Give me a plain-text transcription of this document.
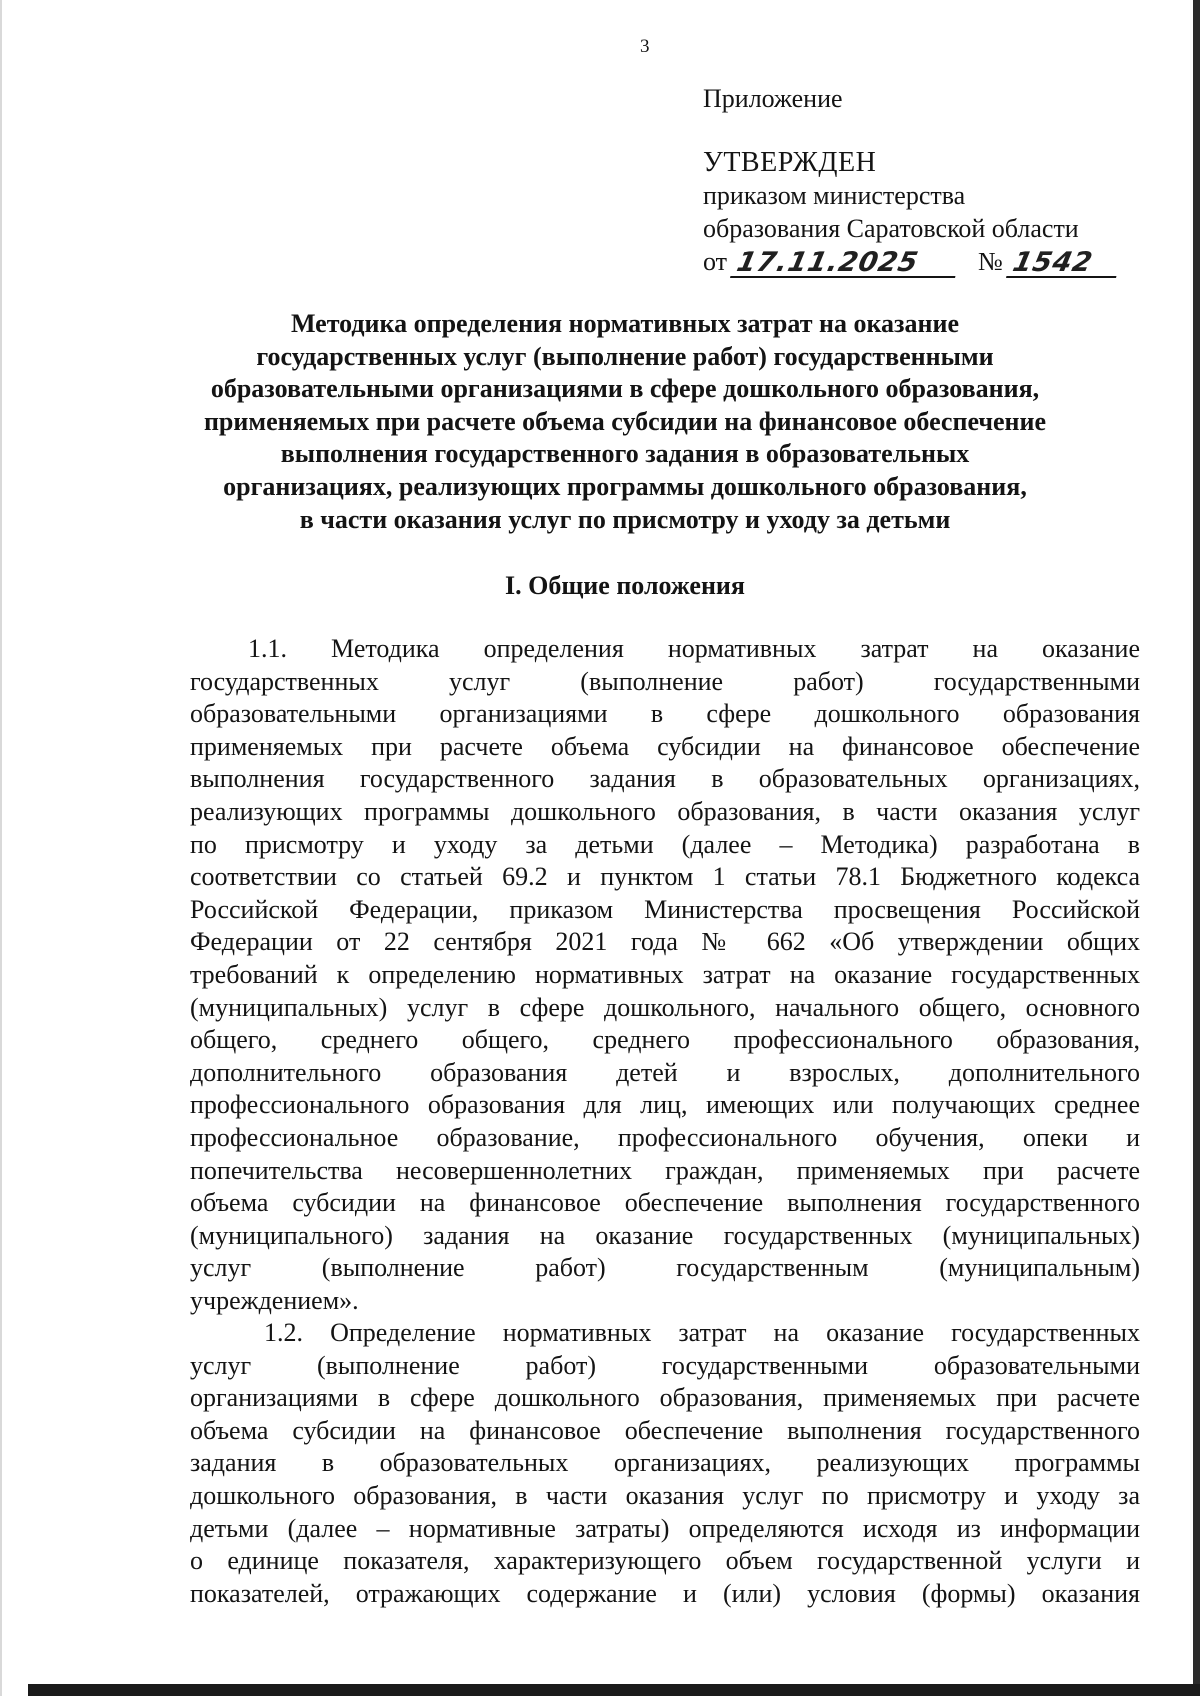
3
Приложение
УТВЕРЖДЕН
приказом министерства
образования Саратовской области
от 17.11.2025	№ 1542
Методика определения нормативных затрат на оказание
государственных услуг (выполнение работ) государственными
образовательными организациями в сфере дошкольного образования,
применяемых при расчете объема субсидии на финансовое обеспечение
выполнения государственного задания в образовательных
организациях, реализующих программы дошкольного образования,
в части оказания услуг по присмотру и уходу за детьми
I. Общие положения
1.1. Методика определения нормативных затрат на оказание
государственных услуг (выполнение работ) государственными
образовательными организациями в сфере дошкольного образования
применяемых при расчете объема субсидии на финансовое обеспечение
выполнения государственного задания в образовательных организациях,
реализующих программы дошкольного образования, в части оказания услуг
по присмотру и уходу за детьми (далее – Методика) разработана в
соответствии со статьей 69.2 и пунктом 1 статьи 78.1 Бюджетного кодекса
Российской Федерации, приказом Министерства просвещения Российской
Федерации от 22 сентября 2021 года № 662 «Об утверждении общих
требований к определению нормативных затрат на оказание государственных
(муниципальных) услуг в сфере дошкольного, начального общего, основного
общего, среднего общего, среднего профессионального образования,
дополнительного образования детей и взрослых, дополнительного
профессионального образования для лиц, имеющих или получающих среднее
профессиональное образование, профессионального обучения, опеки и
попечительства несовершеннолетних граждан, применяемых при расчете
объема субсидии на финансовое обеспечение выполнения государственного
(муниципального) задания на оказание государственных (муниципальных)
услуг (выполнение работ) государственным (муниципальным)
учреждением».
1.2. Определение нормативных затрат на оказание государственных
услуг (выполнение работ) государственными образовательными
организациями в сфере дошкольного образования, применяемых при расчете
объема субсидии на финансовое обеспечение выполнения государственного
задания в образовательных организациях, реализующих программы
дошкольного образования, в части оказания услуг по присмотру и уходу за
детьми (далее – нормативные затраты) определяются исходя из информации
о единице показателя, характеризующего объем государственной услуги и
показателей, отражающих содержание и (или) условия (формы) оказания
